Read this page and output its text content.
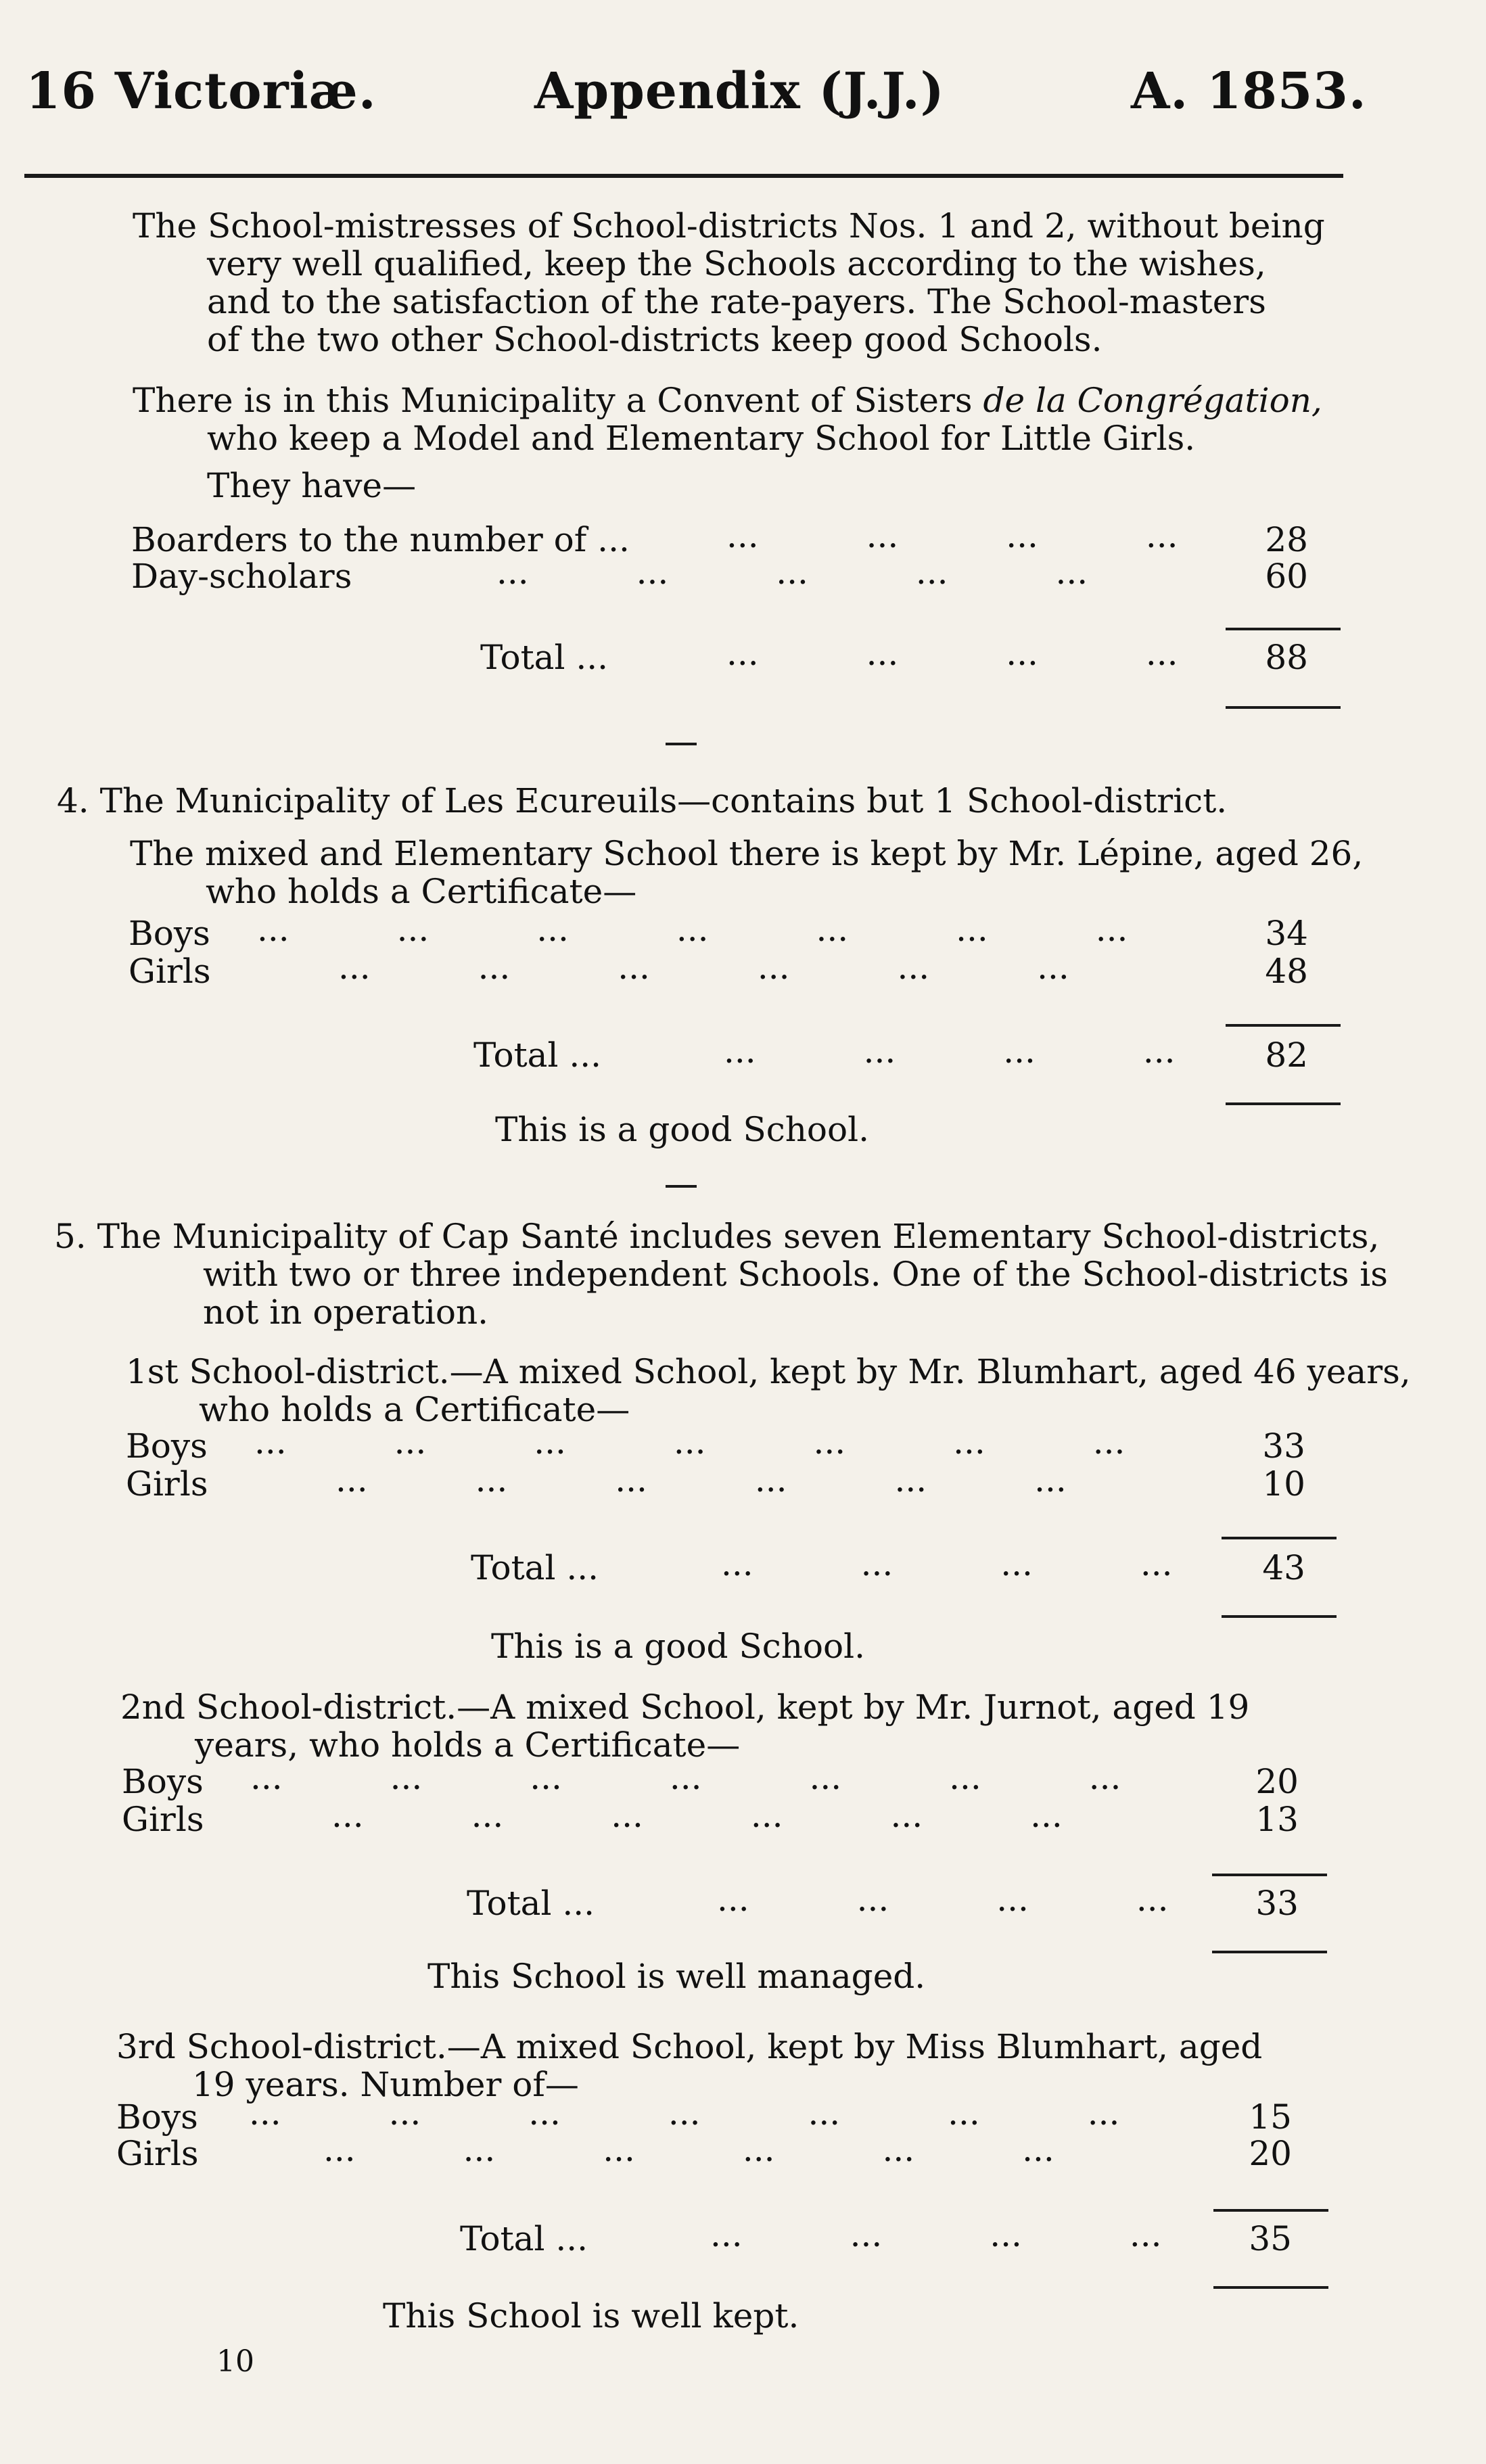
16 Victoriæ.	Appendix (J.J.)	A. 1853.
The School-mistresses of School-districts Nos. 1 and 2, without being
very well qualified, keep the Schools according to the wishes,
and to the satisfaction of the rate-payers. The School-masters
of the two other School-districts keep good Schools.
There is in this Municipality a Convent of Sisters de la Congrégation,
who keep a Model and Elementary School for Little Girls.
They have—
Boarders to the number of ...	...          ...          ...          ...	28
Day-scholars	...          ...          ...          ...          ...	60
Total ...	...          ...          ...          ...	88
4. The Municipality of Les Ecureuils—contains but 1 School-district.
The mixed and Elementary School there is kept by Mr. Lépine, aged 26,
who holds a Certificate—
Boys ...          ...          ...          ...          ...          ...          ...	34
Girls	...          ...          ...          ...          ...          ...	48
Total ...	...          ...          ...          ...	82
This is a good School.
5. The Municipality of Cap Santé includes seven Elementary School-districts,
with two or three independent Schools. One of the School-districts is
not in operation.
1st School-district.—A mixed School, kept by Mr. Blumhart, aged 46 years,
who holds a Certificate—
Boys ...          ...          ...          ...          ...          ...          ...	33
Girls	...          ...          ...          ...          ...          ...	10
Total ...	...          ...          ...          ...	43
This is a good School.
2nd School-district.—A mixed School, kept by Mr. Jurnot, aged 19
years, who holds a Certificate—
Boys ...          ...          ...          ...          ...          ...          ...	20
Girls	...          ...          ...          ...          ...          ...	13
Total ...	...          ...          ...          ...	33
This School is well managed.
3rd School-district.—A mixed School, kept by Miss Blumhart, aged
19 years. Number of—
Boys ...          ...          ...          ...          ...          ...          ...	15
Girls	...          ...          ...          ...          ...          ...	20
Total ...	...          ...          ...          ...	35
This School is well kept.
10
